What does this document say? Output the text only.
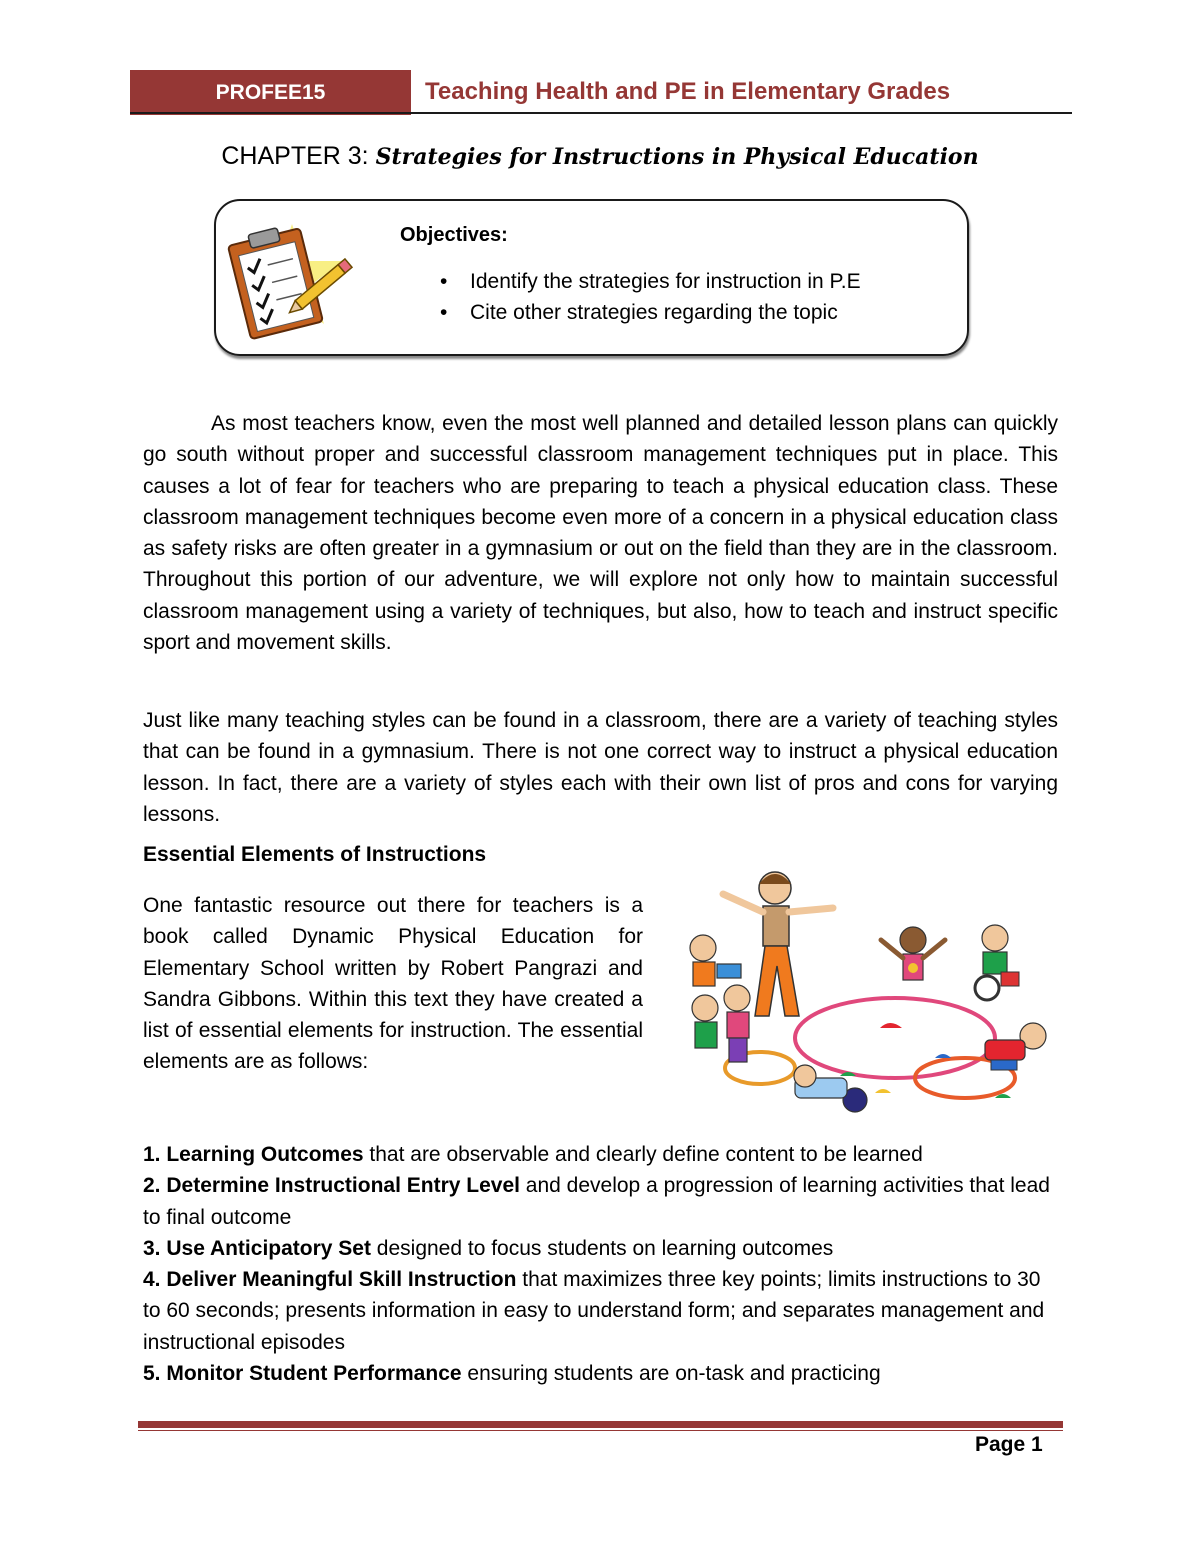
PROFEE15	Teaching Health and PE in Elementary Grades
CHAPTER 3: Strategies for Instructions in Physical Education
Objectives:
• Identify the strategies for instruction in P.E
• Cite other strategies regarding the topic
As most teachers know, even the most well planned and detailed lesson plans can quickly go south without proper and successful classroom management techniques put in place. This causes a lot of fear for teachers who are preparing to teach a physical education class. These classroom management techniques become even more of a concern in a physical education class as safety risks are often greater in a gymnasium or out on the field than they are in the classroom. Throughout this portion of our adventure, we will explore not only how to maintain successful classroom management using a variety of techniques, but also, how to teach and instruct specific sport and movement skills.
Just like many teaching styles can be found in a classroom, there are a variety of teaching styles that can be found in a gymnasium. There is not one correct way to instruct a physical education lesson. In fact, there are a variety of styles each with their own list of pros and cons for varying lessons.
Essential Elements of Instructions
One fantastic resource out there for teachers is a book called Dynamic Physical Education for Elementary School written by Robert Pangrazi and Sandra Gibbons. Within this text they have created a list of essential elements for instruction. The essential elements are as follows:
1. Learning Outcomes that are observable and clearly define content to be learned
2. Determine Instructional Entry Level and develop a progression of learning activities that lead to final outcome
3. Use Anticipatory Set designed to focus students on learning outcomes
4. Deliver Meaningful Skill Instruction that maximizes three key points; limits instructions to 30 to 60 seconds; presents information in easy to understand form; and separates management and instructional episodes
5. Monitor Student Performance ensuring students are on-task and practicing
Page 1
